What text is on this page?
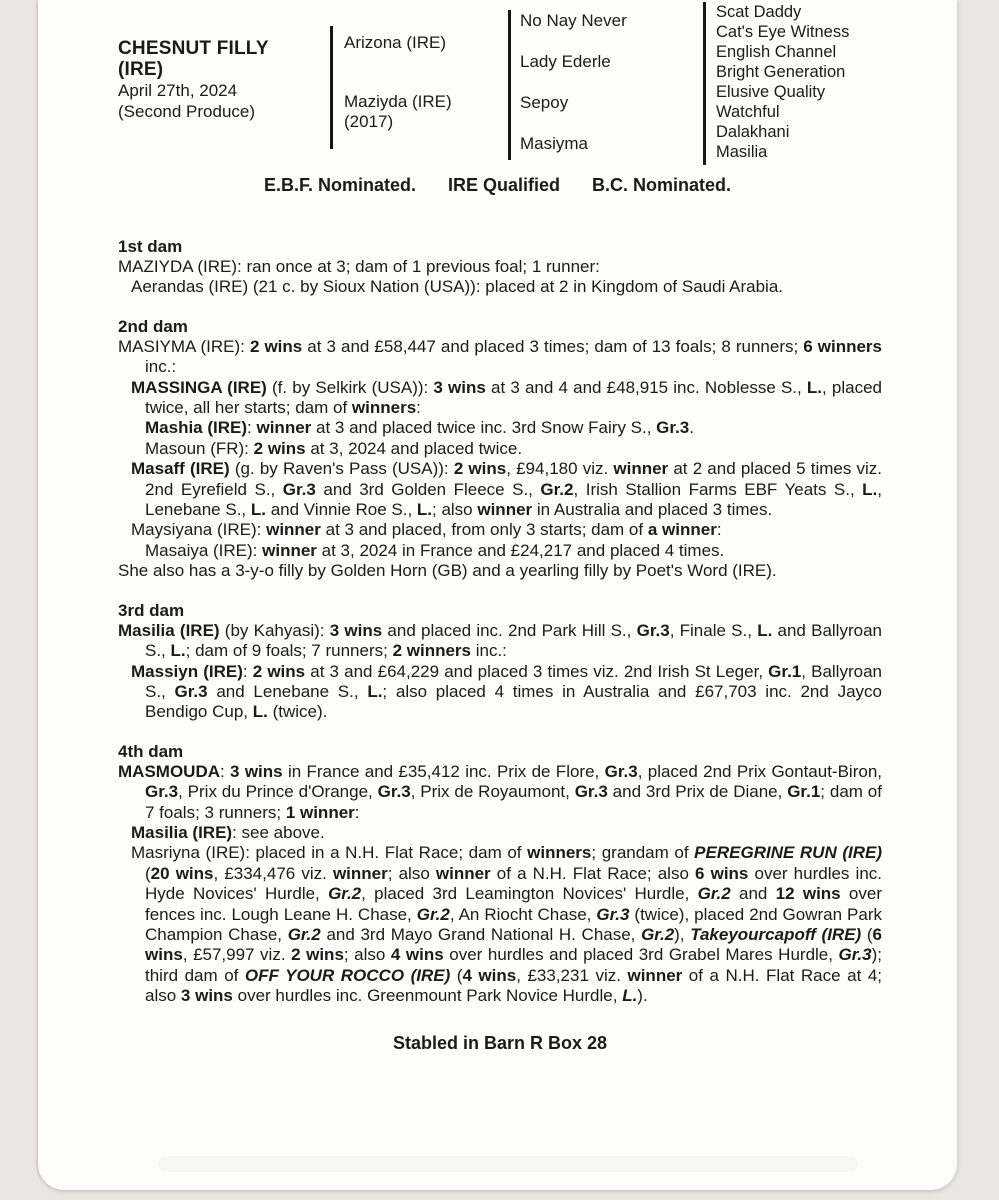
CHESNUT FILLY
(IRE)
April 27th, 2024
(Second Produce)
Arizona (IRE)
Maziyda (IRE)
(2017)
No Nay Never
Lady Ederle
Sepoy
Masiyma
Scat Daddy
Cat's Eye Witness
English Channel
Bright Generation
Elusive Quality
Watchful
Dalakhani
Masilia
E.B.F. Nominated. IRE Qualified B.C. Nominated.
1st dam

MAZIYDA (IRE): ran once at 3; dam of 1 previous foal; 1 runner:

Aerandas (IRE) (21 c. by Sioux Nation (USA)): placed at 2 in Kingdom of Saudi Arabia.

2nd dam

MASIYMA (IRE): 2 wins at 3 and £58,447 and placed 3 times; dam of 13 foals; 8 runners; 6 winners inc.:

MASSINGA (IRE) (f. by Selkirk (USA)): 3 wins at 3 and 4 and £48,915 inc. Noblesse S., L., placed twice, all her starts; dam of winners:

Mashia (IRE): winner at 3 and placed twice inc. 3rd Snow Fairy S., Gr.3.

Masoun (FR): 2 wins at 3, 2024 and placed twice.

Masaff (IRE) (g. by Raven's Pass (USA)): 2 wins, £94,180 viz. winner at 2 and placed 5 times viz. 2nd Eyrefield S., Gr.3 and 3rd Golden Fleece S., Gr.2, Irish Stallion Farms EBF Yeats S., L., Lenebane S., L. and Vinnie Roe S., L.; also winner in Australia and placed 3 times.

Maysiyana (IRE): winner at 3 and placed, from only 3 starts; dam of a winner:

Masaiya (IRE): winner at 3, 2024 in France and £24,217 and placed 4 times.

She also has a 3-y-o filly by Golden Horn (GB) and a yearling filly by Poet's Word (IRE).

3rd dam

Masilia (IRE) (by Kahyasi): 3 wins and placed inc. 2nd Park Hill S., Gr.3, Finale S., L. and Ballyroan S., L.; dam of 9 foals; 7 runners; 2 winners inc.:

Massiyn (IRE): 2 wins at 3 and £64,229 and placed 3 times viz. 2nd Irish St Leger, Gr.1, Ballyroan S., Gr.3 and Lenebane S., L.; also placed 4 times in Australia and £67,703 inc. 2nd Jayco Bendigo Cup, L. (twice).

4th dam

MASMOUDA: 3 wins in France and £35,412 inc. Prix de Flore, Gr.3, placed 2nd Prix Gontaut-Biron, Gr.3, Prix du Prince d'Orange, Gr.3, Prix de Royaumont, Gr.3 and 3rd Prix de Diane, Gr.1; dam of 7 foals; 3 runners; 1 winner:

Masilia (IRE): see above.

Masriyna (IRE): placed in a N.H. Flat Race; dam of winners; grandam of PEREGRINE RUN (IRE) (20 wins, £334,476 viz. winner; also winner of a N.H. Flat Race; also 6 wins over hurdles inc. Hyde Novices' Hurdle, Gr.2, placed 3rd Leamington Novices' Hurdle, Gr.2 and 12 wins over fences inc. Lough Leane H. Chase, Gr.2, An Riocht Chase, Gr.3 (twice), placed 2nd Gowran Park Champion Chase, Gr.2 and 3rd Mayo Grand National H. Chase, Gr.2), Takeyourcapoff (IRE) (6 wins, £57,997 viz. 2 wins; also 4 wins over hurdles and placed 3rd Grabel Mares Hurdle, Gr.3); third dam of OFF YOUR ROCCO (IRE) (4 wins, £33,231 viz. winner of a N.H. Flat Race at 4; also 3 wins over hurdles inc. Greenmount Park Novice Hurdle, L.).

Stabled in Barn R Box 28
